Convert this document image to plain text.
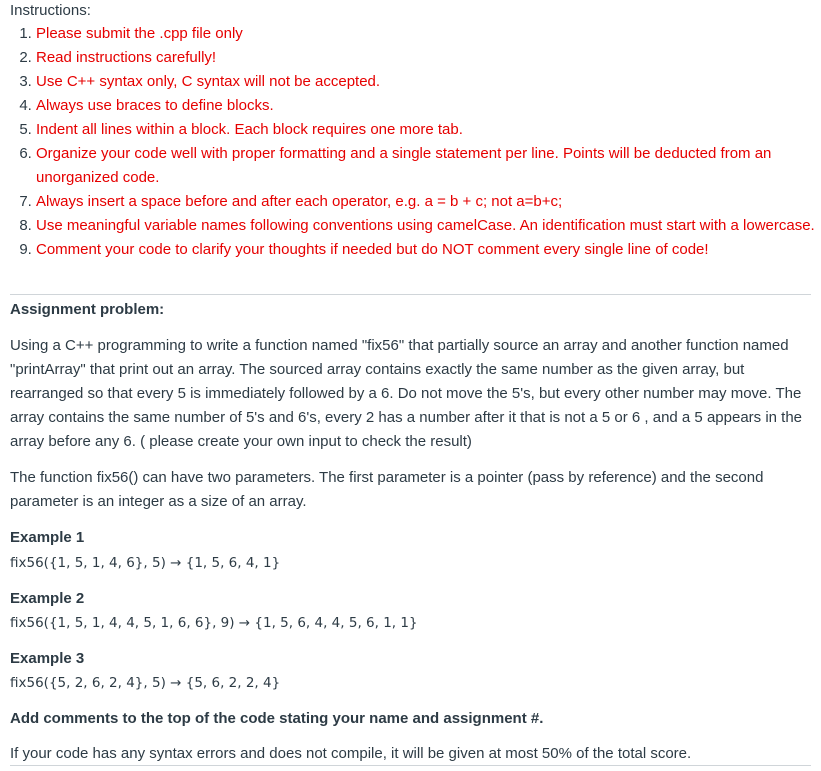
Instructions:
1. Please submit the .cpp file only
2. Read instructions carefully!
3. Use C++ syntax only, C syntax will not be accepted.
4. Always use braces to define blocks.
5. Indent all lines within a block. Each block requires one more tab.
6. Organize your code well with proper formatting and a single statement per line. Points will be deducted from an unorganized code.
7. Always insert a space before and after each operator, e.g. a = b + c; not a=b+c;
8. Use meaningful variable names following conventions using camelCase. An identification must start with a lowercase.
9. Comment your code to clarify your thoughts if needed but do NOT comment every single line of code!
Assignment problem:
Using a C++ programming to write a function named "fix56" that partially source an array and another function named "printArray" that print out an array. The sourced array contains exactly the same number as the given array, but rearranged so that every 5 is immediately followed by a 6. Do not move the 5's, but every other number may move. The array contains the same number of 5's and 6's, every 2 has a number after it that is not a 5 or 6 , and a 5 appears in the array before any 6. ( please create your own input to check the result)
The function fix56() can have two parameters. The first parameter is a pointer (pass by reference) and the second parameter is an integer as a size of an array.
Example 1
fix56({1, 5, 1, 4, 6}, 5) → {1, 5, 6, 4, 1}
Example 2
fix56({1, 5, 1, 4, 4, 5, 1, 6, 6}, 9) → {1, 5, 6, 4, 4, 5, 6, 1, 1}
Example 3
fix56({5, 2, 6, 2, 4}, 5) → {5, 6, 2, 2, 4}
Add comments to the top of the code stating your name and assignment #.
If your code has any syntax errors and does not compile, it will be given at most 50% of the total score.
